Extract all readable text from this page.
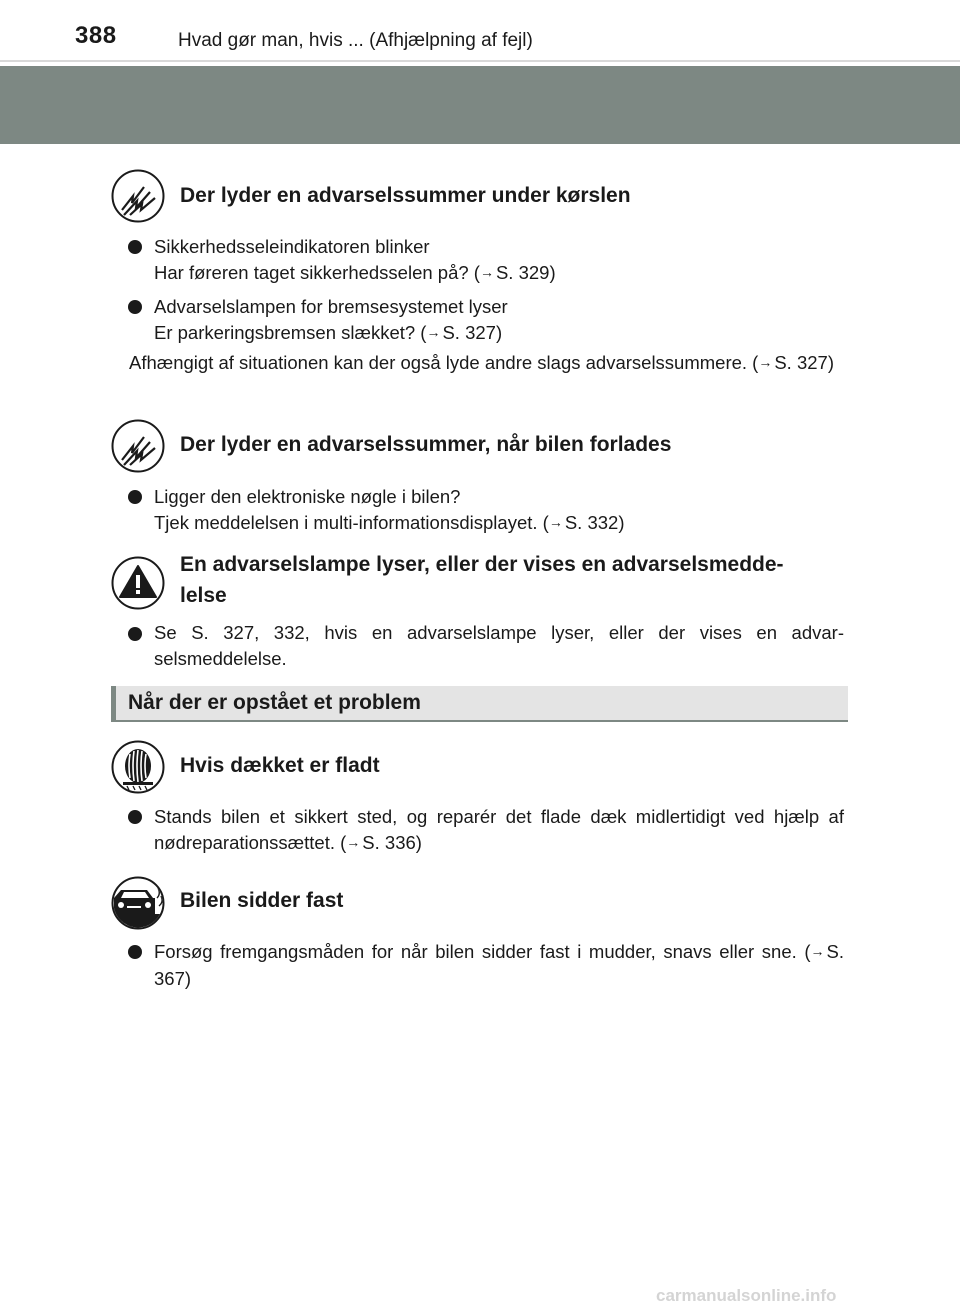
388	Hvad gør man, hvis ... (Afhjælpning af fejl)
Der lyder en advarselssummer under kørslen
Sikkerhedsseleindikatoren blinker
Har føreren taget sikkerhedsselen på? (→ S. 329)
Advarselslampen for bremsesystemet lyser
Er parkeringsbremsen slækket? (→ S. 327)
Afhængigt af situationen kan der også lyde andre slags advarselssummere. (→ S. 327)
Der lyder en advarselssummer, når bilen forlades
Ligger den elektroniske nøgle i bilen?
Tjek meddelelsen i multi-informationsdisplayet. (→ S. 332)
En advarselslampe lyser, eller der vises en advarselsmedde-
lelse
Se S. 327, 332, hvis en advarselslampe lyser, eller der vises en advar-selsmeddelelse.
Når der er opstået et problem
Hvis dækket er fladt
Stands bilen et sikkert sted, og reparér det flade dæk midlertidigt ved hjælp af nødreparationssættet. (→ S. 336)
Bilen sidder fast
Forsøg fremgangsmåden for når bilen sidder fast i mudder, snavs eller sne. (→ S. 367)
carmanualsonline.info
